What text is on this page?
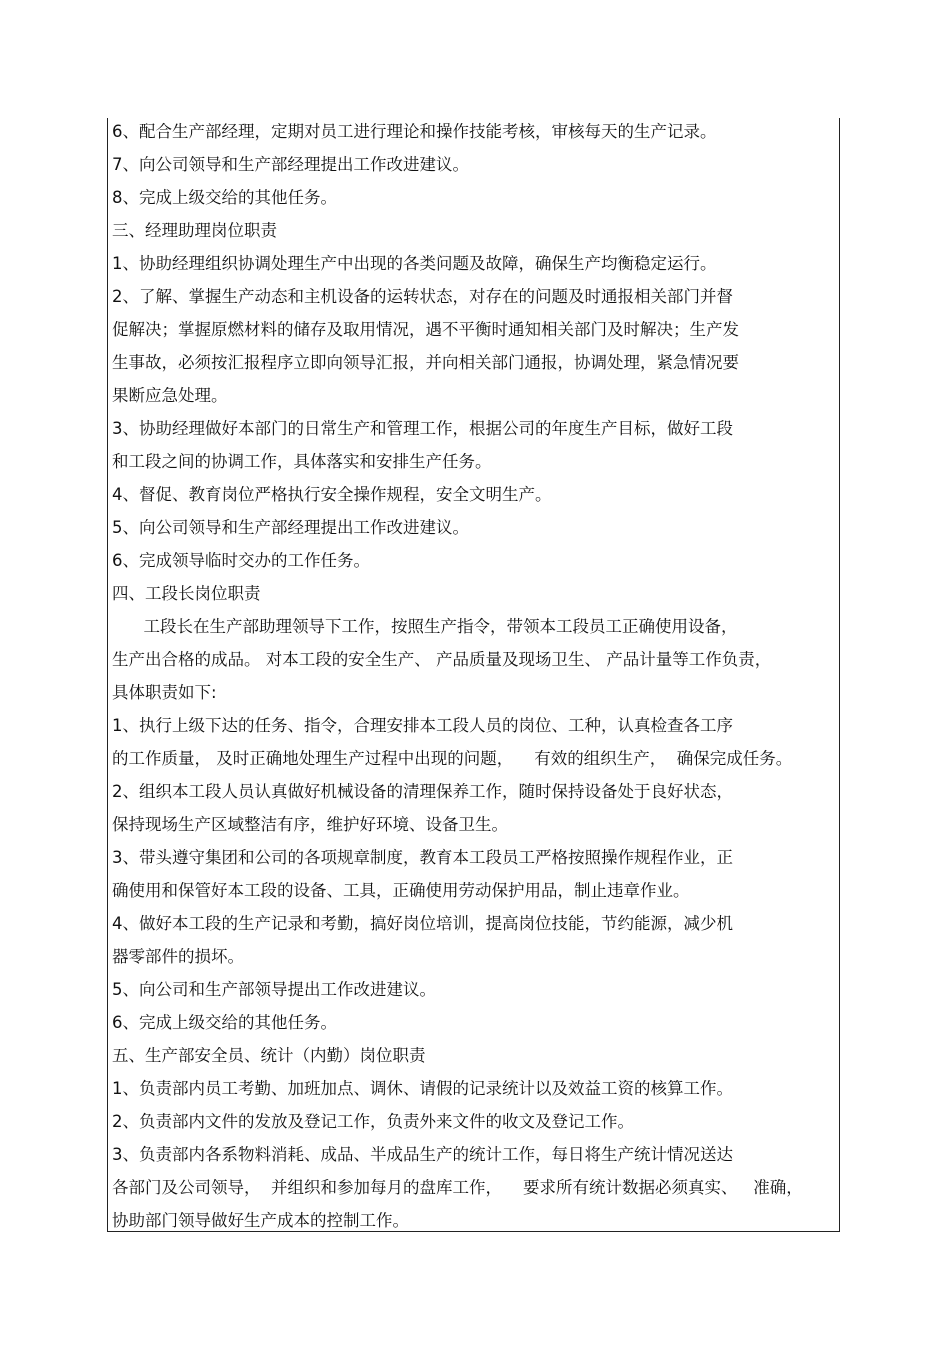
6、配合生产部经理，定期对员工进行理论和操作技能考核，审核每天的生产记录。
7、向公司领导和生产部经理提出工作改进建议。
8、完成上级交给的其他任务。
三、经理助理岗位职责
1、协助经理组织协调处理生产中出现的各类问题及故障，确保生产均衡稳定运行。
2、了解、掌握生产动态和主机设备的运转状态，对存在的问题及时通报相关部门并督
促解决；掌握原燃材料的储存及取用情况，遇不平衡时通知相关部门及时解决；生产发
生事故，必须按汇报程序立即向领导汇报，并向相关部门通报，协调处理，紧急情况要
果断应急处理。
3、协助经理做好本部门的日常生产和管理工作，根据公司的年度生产目标，做好工段
和工段之间的协调工作，具体落实和安排生产任务。
4、督促、教育岗位严格执行安全操作规程，安全文明生产。
5、向公司领导和生产部经理提出工作改进建议。
6、完成领导临时交办的工作任务。
四、工段长岗位职责
工段长在生产部助理领导下工作，按照生产指令，带领本工段员工正确使用设备，
生产出合格的成品。 对本工段的安全生产、 产品质量及现场卫生、 产品计量等工作负责，
具体职责如下:
1、执行上级下达的任务、指令，合理安排本工段人员的岗位、工种，认真检查各工序
的工作质量， 及时正确地处理生产过程中出现的问题，    有效的组织生产，  确保完成任务。
2、组织本工段人员认真做好机械设备的清理保养工作，随时保持设备处于良好状态，
保持现场生产区域整洁有序，维护好环境、设备卫生。
3、带头遵守集团和公司的各项规章制度，教育本工段员工严格按照操作规程作业，正
确使用和保管好本工段的设备、工具，正确使用劳动保护用品，制止违章作业。
4、做好本工段的生产记录和考勤，搞好岗位培训，提高岗位技能，节约能源，减少机
器零部件的损坏。
5、向公司和生产部领导提出工作改进建议。
6、完成上级交给的其他任务。
五、生产部安全员、统计（内勤）岗位职责
1、负责部内员工考勤、加班加点、调休、请假的记录统计以及效益工资的核算工作。
2、负责部内文件的发放及登记工作，负责外来文件的收文及登记工作。
3、负责部内各系物料消耗、成品、半成品生产的统计工作，每日将生产统计情况送达
各部门及公司领导，  并组织和参加每月的盘库工作，    要求所有统计数据必须真实、   准确，
协助部门领导做好生产成本的控制工作。
